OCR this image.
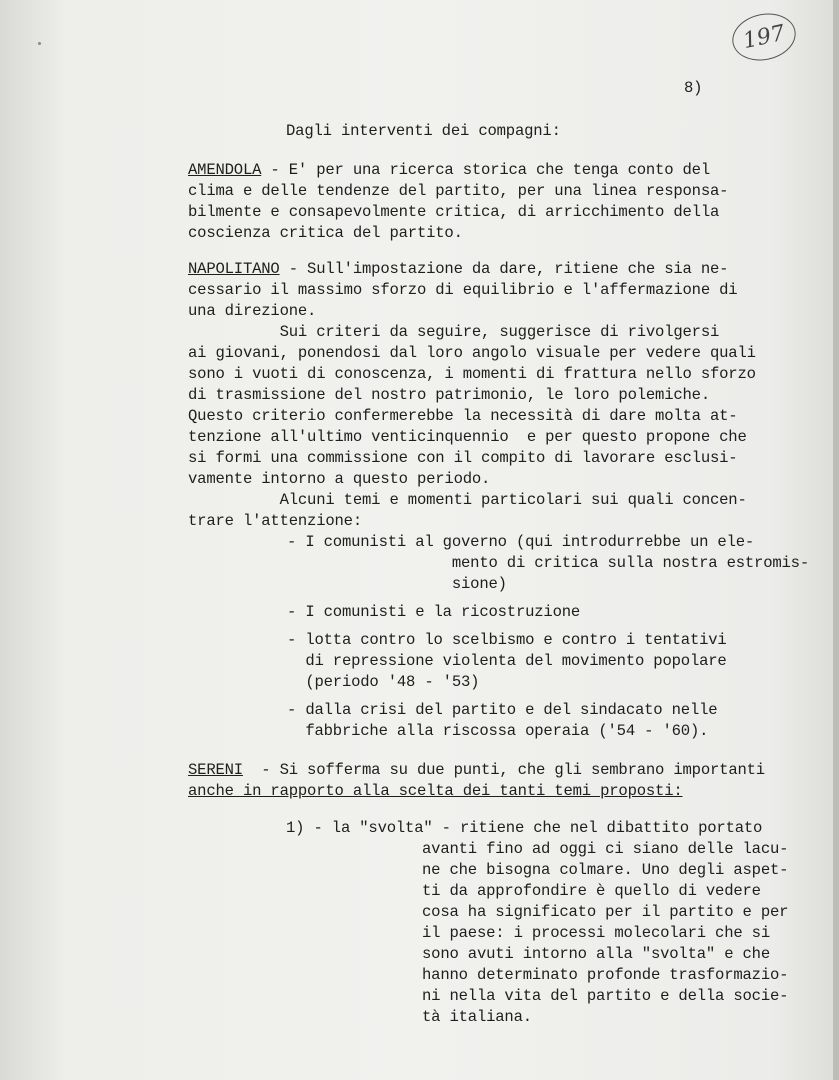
197
8)
Dagli interventi dei compagni:
AMENDOLA - E' per una ricerca storica che tenga conto del
clima e delle tendenze del partito, per una linea responsa-
bilmente e consapevolmente critica, di arricchimento della
coscienza critica del partito.
NAPOLITANO - Sull'impostazione da dare, ritiene che sia ne-
cessario il massimo sforzo di equilibrio e l'affermazione di
una direzione.
Sui criteri da seguire, suggerisce di rivolgersi
ai giovani, ponendosi dal loro angolo visuale per vedere quali
sono i vuoti di conoscenza, i momenti di frattura nello sforzo
di trasmissione del nostro patrimonio, le loro polemiche.
Questo criterio confermerebbe la necessità di dare molta at-
tenzione all'ultimo venticinquennio  e per questo propone che
si formi una commissione con il compito di lavorare esclusi-
vamente intorno a questo periodo.
Alcuni temi e momenti particolari sui quali concen-
trare l'attenzione:
- I comunisti al governo (qui introdurrebbe un ele-
mento di critica sulla nostra estromis-
sione)
- I comunisti e la ricostruzione
- lotta contro lo scelbismo e contro i tentativi
di repressione violenta del movimento popolare
(periodo '48 - '53)
- dalla crisi del partito e del sindacato nelle
fabbriche alla riscossa operaia ('54 - '60).
SERENI  - Si sofferma su due punti, che gli sembrano importanti
anche in rapporto alla scelta dei tanti temi proposti:
1) - la "svolta" - ritiene che nel dibattito portato
avanti fino ad oggi ci siano delle lacu-
ne che bisogna colmare. Uno degli aspet-
ti da approfondire è quello di vedere
cosa ha significato per il partito e per
il paese: i processi molecolari che si
sono avuti intorno alla "svolta" e che
hanno determinato profonde trasformazio-
ni nella vita del partito e della socie-
tà italiana.
